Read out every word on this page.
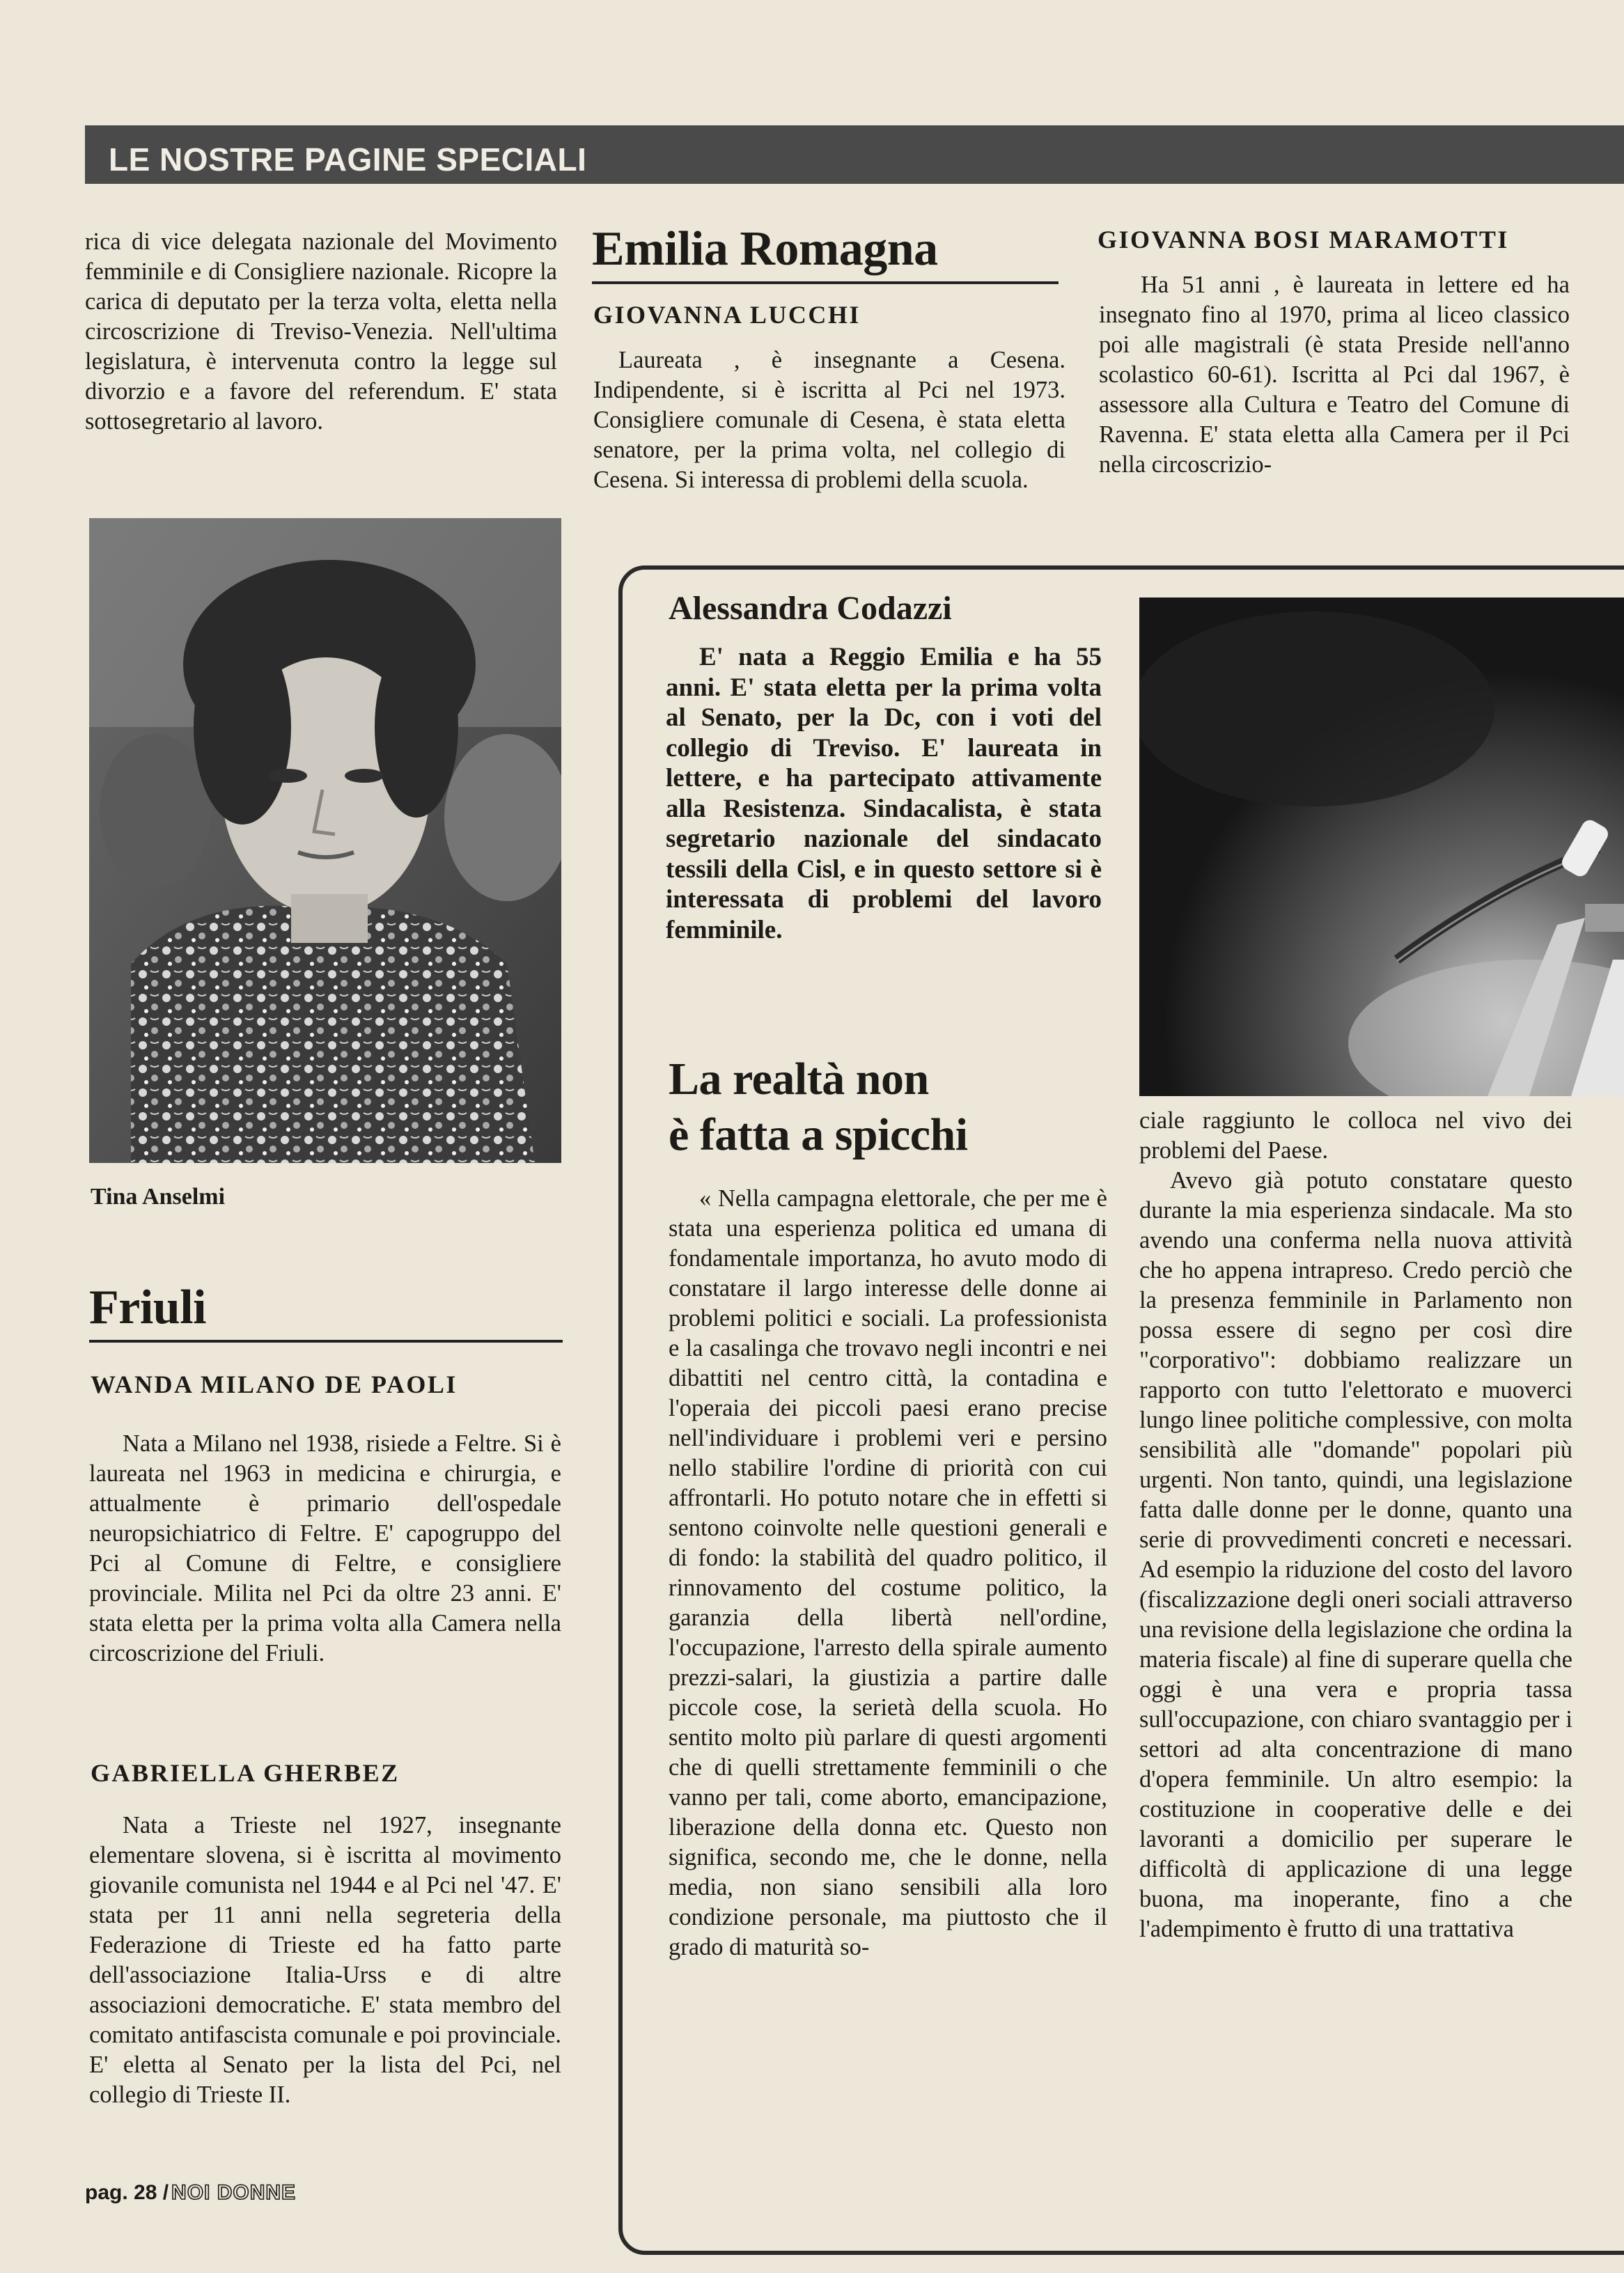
LE NOSTRE PAGINE SPECIALI

rica di vice delegata nazionale del Movimento femminile e di Consigliere nazionale. Ricopre la carica di deputato per la terza volta, eletta nella circoscrizione di Treviso-Venezia. Nell'ultima legislatura, è intervenuta contro la legge sul divorzio e a favore del referendum. E' stata sottosegretario al lavoro.

Tina Anselmi
Friuli
WANDA MILANO DE PAOLI

Nata a Milano nel 1938, risiede a Feltre. Si è laureata nel 1963 in medicina e chirurgia, e attualmente è primario dell'ospedale neuropsichiatrico di Feltre. E' capogruppo del Pci al Comune di Feltre, e consigliere provinciale. Milita nel Pci da oltre 23 anni. E' stata eletta per la prima volta alla Camera nella circoscrizione del Friuli.

GABRIELLA GHERBEZ

Nata a Trieste nel 1927, insegnante elementare slovena, si è iscritta al movimento giovanile comunista nel 1944 e al Pci nel '47. E' stata per 11 anni nella segreteria della Federazione di Trieste ed ha fatto parte dell'associazione Italia-Urss e di altre associazioni democratiche. E' stata membro del comitato antifascista comunale e poi provinciale. E' eletta al Senato per la lista del Pci, nel collegio di Trieste II.

Emilia Romagna
GIOVANNA LUCCHI

Laureata , è insegnante a Cesena. Indipendente, si è iscritta al Pci nel 1973. Consigliere comunale di Cesena, è stata eletta senatore, per la prima volta, nel collegio di Cesena. Si interessa di problemi della scuola.

GIOVANNA BOSI MARAMOTTI

Ha 51 anni , è laureata in lettere ed ha insegnato fino al 1970, prima al liceo classico poi alle magistrali (è stata Preside nell'anno scolastico 60-61). Iscritta al Pci dal 1967, è assessore alla Cultura e Teatro del Comune di Ravenna. E' stata eletta alla Camera per il Pci nella circoscrizio-

Alessandra Codazzi

E' nata a Reggio Emilia e ha 55 anni. E' stata eletta per la prima volta al Senato, per la Dc, con i voti del collegio di Treviso. E' laureata in lettere, e ha partecipato attivamente alla Resistenza. Sindacalista, è stata segretario nazionale del sindacato tessili della Cisl, e in questo settore si è interessata di problemi del lavoro femminile.

La realtà non
è fatta a spicchi

« Nella campagna elettorale, che per me è stata una esperienza politica ed umana di fondamentale importanza, ho avuto modo di constatare il largo interesse delle donne ai problemi politici e sociali. La professionista e la casalinga che trovavo negli incontri e nei dibattiti nel centro città, la contadina e l'operaia dei piccoli paesi erano precise nell'individuare i problemi veri e persino nello stabilire l'ordine di priorità con cui affrontarli. Ho potuto notare che in effetti si sentono coinvolte nelle questioni generali e di fondo: la stabilità del quadro politico, il rinnovamento del costume politico, la garanzia della libertà nell'ordine, l'occupazione, l'arresto della spirale aumento prezzi-salari, la giustizia a partire dalle piccole cose, la serietà della scuola. Ho sentito molto più parlare di questi argomenti che di quelli strettamente femminili o che vanno per tali, come aborto, emancipazione, liberazione della donna etc. Questo non significa, secondo me, che le donne, nella media, non siano sensibili alla loro condizione personale, ma piuttosto che il grado di maturità so-

ciale raggiunto le colloca nel vivo dei problemi del Paese.

Avevo già potuto constatare questo durante la mia esperienza sindacale. Ma sto avendo una conferma nella nuova attività che ho appena intrapreso. Credo perciò che la presenza femminile in Parlamento non possa essere di segno per così dire "corporativo": dobbiamo realizzare un rapporto con tutto l'elettorato e muoverci lungo linee politiche complessive, con molta sensibilità alle "domande" popolari più urgenti. Non tanto, quindi, una legislazione fatta dalle donne per le donne, quanto una serie di provvedimenti concreti e necessari. Ad esempio la riduzione del costo del lavoro (fiscalizzazione degli oneri sociali attraverso una revisione della legislazione che ordina la materia fiscale) al fine di superare quella che oggi è una vera e propria tassa sull'occupazione, con chiaro svantaggio per i settori ad alta concentrazione di mano d'opera femminile. Un altro esempio: la costituzione in cooperative delle e dei lavoranti a domicilio per superare le difficoltà di applicazione di una legge buona, ma inoperante, fino a che l'adempimento è frutto di una trattativa

pag. 28 / NOI DONNE
